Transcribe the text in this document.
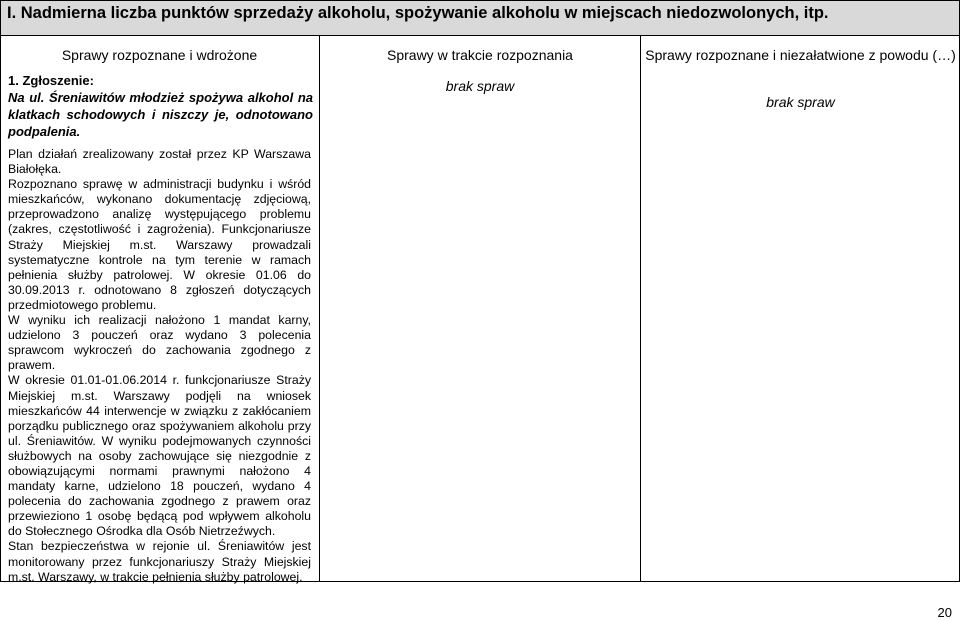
I. Nadmierna liczba punktów sprzedaży alkoholu, spożywanie alkoholu w miejscach niedozwolonych, itp.
Sprawy rozpoznane i wdrożone	Sprawy w trakcie rozpoznania	Sprawy rozpoznane i niezałatwione z powodu (…)
brak spraw
brak spraw
1. Zgłoszenie:
Na ul. Śreniawitów młodzież spożywa alkohol na klatkach schodowych i niszczy je, odnotowano podpalenia.

Plan działań zrealizowany został przez KP Warszawa Białołęka.

Rozpoznano sprawę w administracji budynku i wśród mieszkańców, wykonano dokumentację zdjęciową, przeprowadzono analizę występującego problemu (zakres, częstotliwość i zagrożenia). Funkcjonariusze Straży Miejskiej m.st. Warszawy prowadzali systematyczne kontrole na tym terenie w ramach pełnienia służby patrolowej. W okresie 01.06 do 30.09.2013 r. odnotowano 8 zgłoszeń dotyczących przedmiotowego problemu.

W wyniku ich realizacji nałożono 1 mandat karny, udzielono 3 pouczeń oraz wydano 3 polecenia sprawcom wykroczeń do zachowania zgodnego z prawem.

W okresie 01.01-01.06.2014 r. funkcjonariusze Straży Miejskiej m.st. Warszawy podjęli na wniosek mieszkańców 44 interwencje w związku z zakłócaniem porządku publicznego oraz spożywaniem alkoholu przy ul. Śreniawitów. W wyniku podejmowanych czynności służbowych na osoby zachowujące się niezgodnie z obowiązującymi normami prawnymi nałożono 4 mandaty karne, udzielono 18 pouczeń, wydano 4 polecenia do zachowania zgodnego z prawem oraz przewieziono 1 osobę będącą pod wpływem alkoholu do Stołecznego Ośrodka dla Osób Nietrzeźwych.

Stan bezpieczeństwa w rejonie ul. Śreniawitów jest monitorowany przez funkcjonariuszy Straży Miejskiej m.st. Warszawy, w trakcie pełnienia służby patrolowej.

20
